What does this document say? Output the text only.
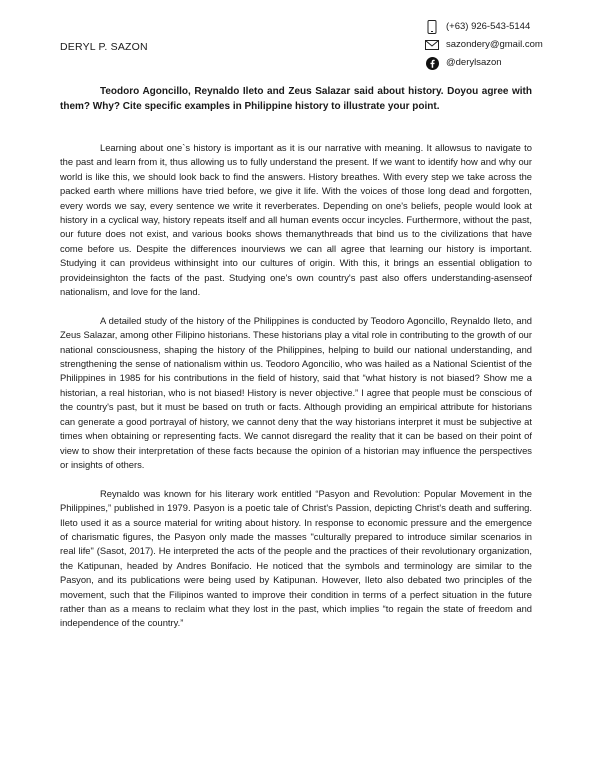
DERYL P. SAZON
(+63) 926-543-5144
sazondery@gmail.com
@derylsazon
Teodoro Agoncillo, Reynaldo Ileto and Zeus Salazar said about history. Doyou agree with them? Why? Cite specific examples in Philippine history to illustrate your point.

Learning about one`s history is important as it is our narrative with meaning. It allowsus to navigate to the past and learn from it, thus allowing us to fully understand the present. If we want to identify how and why our world is like this, we should look back to find the answers. History breathes. With every step we take across the packed earth where millions have tried before, we give it life. With the voices of those long dead and forgotten, every words we say, every sentence we write it reverberates. Depending on one's beliefs, people would look at history in a cyclical way, history repeats itself and all human events occur incycles. Furthermore, without the past, our future does not exist, and various books shows themanythreads that bind us to the civilizations that have come before us. Despite the differences inourviews we can all agree that learning our history is important. Studying it can provideus withinsight into our cultures of origin. With this, it brings an essential obligation to provideinsighton the facts of the past. Studying one's own country's past also offers understanding-asenseof nationalism, and love for the land.

A detailed study of the history of the Philippines is conducted by Teodoro Agoncillo, Reynaldo Ileto, and Zeus Salazar, among other Filipino historians. These historians play a vital role in contributing to the growth of our national consciousness, shaping the history of the Philippines, helping to build our national understanding, and strengthening the sense of nationalism within us. Teodoro Agoncilio, who was hailed as a National Scientist of the Philippines in 1985 for his contributions in the field of history, said that “what history is not biased? Show me a historian, a real historian, who is not biased! History is never objective.” I agree that people must be conscious of the country's past, but it must be based on truth or facts. Although providing an empirical attribute for historians can generate a good portrayal of history, we cannot deny that the way historians interpret it must be subjective at times when obtaining or representing facts. We cannot disregard the reality that it can be based on their point of view to show their interpretation of these facts because the opinion of a historian may influence the perspectives or insights of others.

Reynaldo was known for his literary work entitled “Pasyon and Revolution: Popular Movement in the Philippines,” published in 1979. Pasyon is a poetic tale of Christ's Passion, depicting Christ's death and suffering. Ileto used it as a source material for writing about history. In response to economic pressure and the emergence of charismatic figures, the Pasyon only made the masses "culturally prepared to introduce similar scenarios in real life" (Sasot, 2017). He interpreted the acts of the people and the practices of their revolutionary organization, the Katipunan, headed by Andres Bonifacio. He noticed that the symbols and terminology are similar to the Pasyon, and its publications were being used by Katipunan. However, Ileto also debated two principles of the movement, such that the Filipinos wanted to improve their condition in terms of a perfect situation in the future rather than as a means to reclaim what they lost in the past, which implies “to regain the state of freedom and independence of the country.”
